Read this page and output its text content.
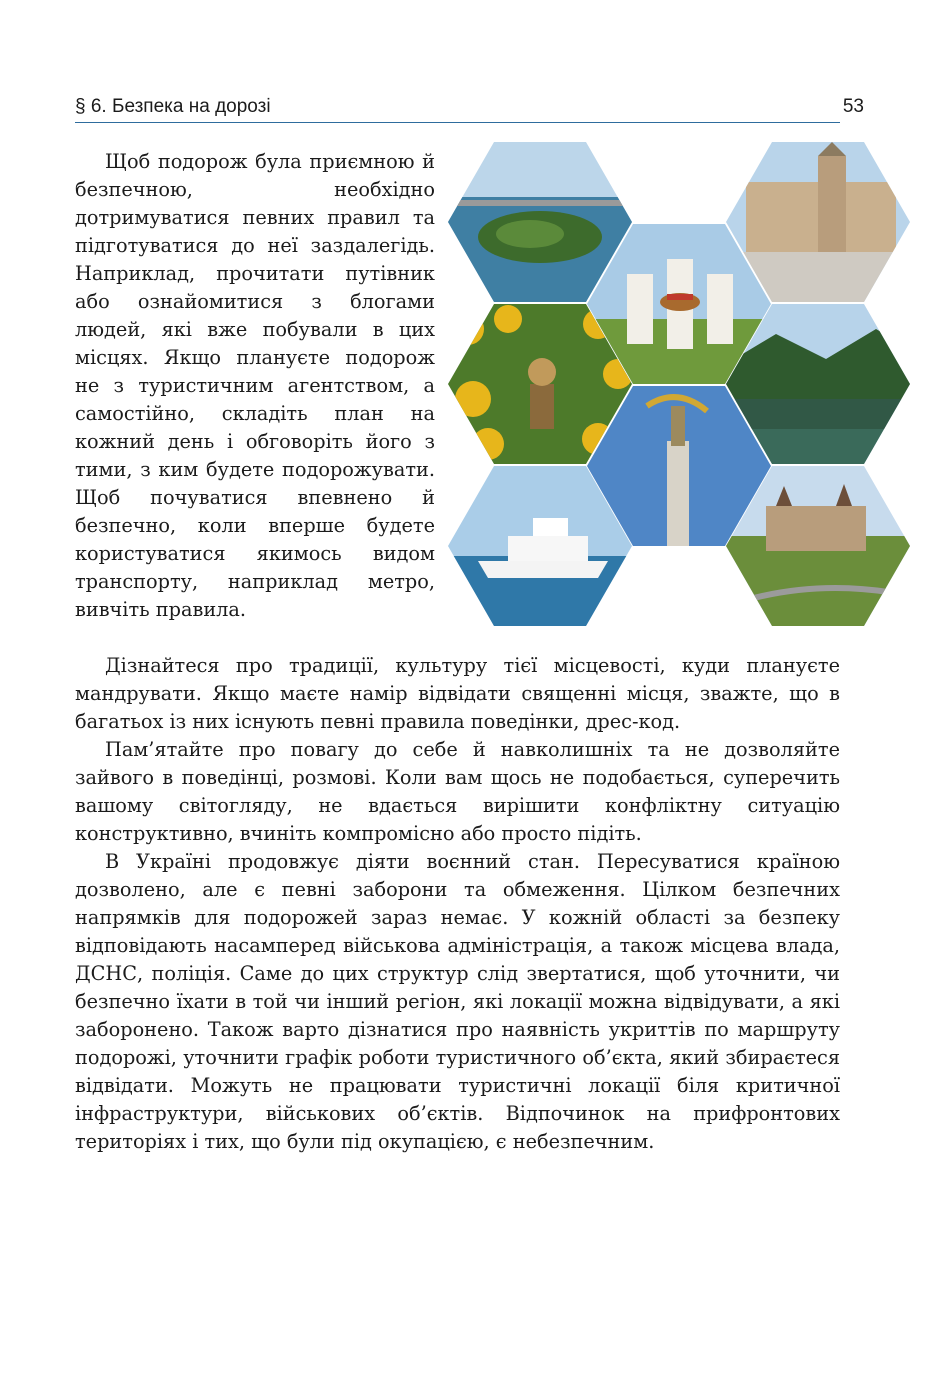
§ 6. Безпека на дорозі	53

Щоб подорож була приємною й безпечною, необхідно дотримуватися певних правил та підготуватися до неї заздалегідь. Наприклад, прочитати путівник або ознайомитися з блогами людей, які вже побували в цих місцях. Якщо плануєте подорож не з туристичним агентством, а самостійно, складіть план на кожний день і обговоріть його з тими, з ким будете подорожувати. Щоб почуватися впевнено й безпечно, коли вперше будете користуватися якимось видом транспорту, наприклад метро, вивчіть правила.

Дізнайтеся про традиції, культуру тієї місцевості, куди плануєте мандрувати. Якщо маєте намір відвідати священні місця, зважте, що в багатьох із них існують певні правила поведінки, дрес-код.

Пам’ятайте про повагу до себе й навколишніх та не дозволяйте зайвого в поведінці, розмові. Коли вам щось не подобається, суперечить вашому світогляду, не вдається вирішити конфліктну ситуацію конструктивно, вчиніть компромісно або просто підіть.

В Україні продовжує діяти воєнний стан. Пересуватися країною дозволено, але є певні заборони та обмеження. Цілком безпечних напрямків для подорожей зараз немає. У кожній області за безпеку відповідають насамперед військова адміністрація, а також місцева влада, ДСНС, поліція. Саме до цих структур слід звертатися, щоб уточнити, чи безпечно їхати в той чи інший регіон, які локації можна відвідувати, а які заборонено. Також варто дізнатися про наявність укриттів по маршруту подорожі, уточнити графік роботи туристичного об’єкта, який збираєтеся відвідати. Можуть не працювати туристичні локації біля критичної інфраструктури, військових об’єктів. Відпочинок на прифронтових територіях і тих, що були під окупацією, є небезпечним.
